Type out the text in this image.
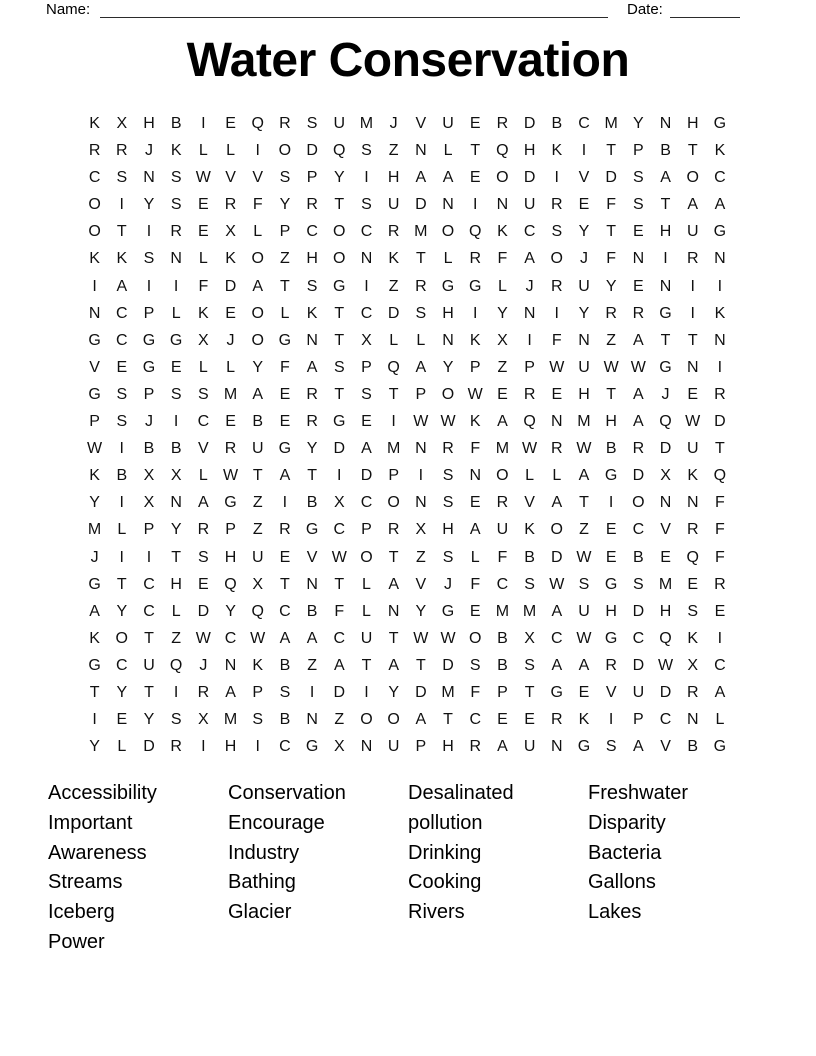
Name:	Date:
Water Conservation
K	X	H	B	I	E Q R	S	U M	J	V	U	E	R D	B	C M Y	N H G
R R	J	K	L	L	I	O D Q S	Z	N	L	T	Q H	K	I	T	P	B	T	K
C	S	N	S W V	V	S	P	Y	I	H	A	A	E O D	I	V	D	S	A O C
O	I	Y	S	E	R	F	Y	R	T	S	U D N	I	N U R	E	F	S	T	A	A
O	T	I	R	E	X	L	P	C O C R M O Q K	C	S	Y	T	E	H U G
K	K	S	N	L	K O	Z	H O N	K	T	L	R	F	A O	J	F	N	I	R N
I	A	I	I	F	D	A	T	S G	I	Z	R G G	L	J	R U	Y	E	N	I	I
N C	P	L	K	E O	L	K	T	C D	S	H	I	Y	N	I	Y	R R G	I	K
G C G G X	J	O G N	T	X	L	L	N	K	X	I	F	N	Z	A	T	T	N
V	E G E	L	L	Y	F	A	S	P Q A	Y	P	Z	P W U W W G N	I
G S	P	S	S M A	E	R	T	S	T	P O W E	R	E	H	T	A	J	E	R
P	S	J	I	C	E	B	E	R G E	I	W W K	A Q N M H	A Q W D
W	I	B	B	V	R U G Y	D	A M N R	F M W R W B	R D U	T
K	B	X	X	L W T	A	T	I	D	P	I	S	N O	L	L	A G D	X	K Q
Y	I	X	N	A G	Z	I	B	X	C O N	S	E	R	V	A	T	I	O N N	F
M	L	P	Y	R	P	Z	R G C	P	R	X	H	A	U	K O	Z	E	C	V	R	F
J	I	I	T	S	H U	E	V W O	T	Z	S	L	F	B	D W E	B	E Q	F
G	T	C H	E Q X	T	N	T	L	A	V	J	F	C	S W S G S M E	R
A	Y	C	L	D	Y Q C	B	F	L	N	Y G E M M A	U H D H	S	E
K O	T	Z W C W A	A	C U	T W W O B	X	C W G C Q K	I
G C U Q	J	N	K	B	Z	A	T	A	T	D	S	B	S	A	A	R D W X	C
T	Y	T	I	R	A	P	S	I	D	I	Y	D M F	P	T	G E	V	U D R	A
I	E	Y	S	X M S	B	N	Z	O O A	T	C	E	E	R	K	I	P	C N	L
Y	L	D R	I	H	I	C G X	N U	P	H R	A	U N G S	A	V	B G
Accessibility
Important
Awareness
Streams
Iceberg
Power
Conservation
Encourage
Industry
Bathing
Glacier
Desalinated
pollution
Drinking
Cooking
Rivers
Freshwater
Disparity
Bacteria
Gallons
Lakes
